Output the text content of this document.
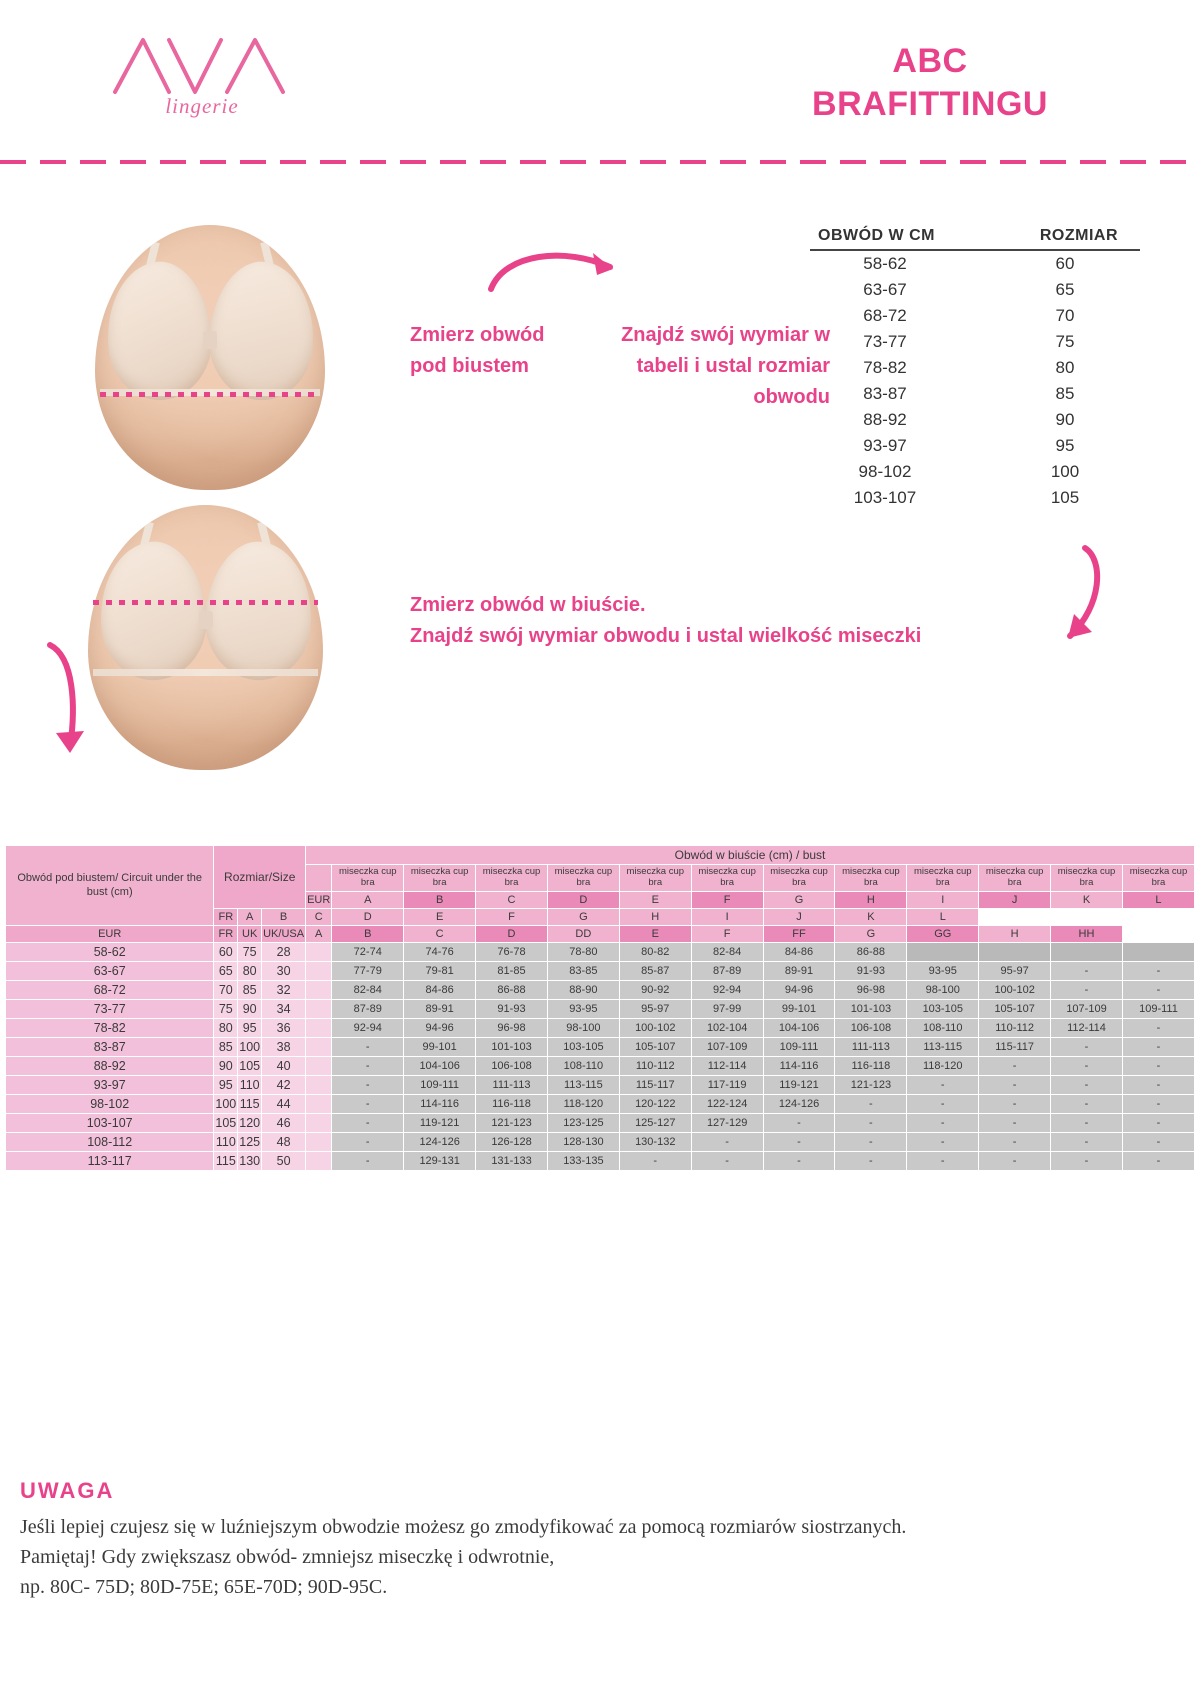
lingerie
ABC
BRAFITTINGU
Zmierz obwód pod biustem
Znajdź swój wymiar w tabeli i ustal rozmiar obwodu
Zmierz obwód w biuście.
Znajdź swój wymiar obwodu i ustal wielkość miseczki
OBWÓD W CM	ROZMIAR
58-62	60
63-67	65
68-72	70
73-77	75
78-82	80
83-87	85
88-92	90
93-97	95
98-102	100
103-107	105
Obwód pod biustem/ Circuit under the bust (cm)	Rozmiar/Size			Obwód w biuście (cm) / bust												
					miseczka cup bra	miseczka cup bra	miseczka cup bra	miseczka cup bra	miseczka cup bra	miseczka cup bra	miseczka cup bra	miseczka cup bra	miseczka cup bra	miseczka cup bra	miseczka cup bra	miseczka cup bra
				EUR	A	B	C	D	E	F	G	H	I	J	K	L
	FR	A	B	C	D	E	F	G	H	I	J	K	L			
EUR	FR	UK	UK/USA	A	B	C	D	DD	E	F	FF	G	GG	H	HH	
58-62	60	75	28		72-74	74-76	76-78	78-80	80-82	82-84	84-86	86-88				
63-67	65	80	30		77-79	79-81	81-85	83-85	85-87	87-89	89-91	91-93	93-95	95-97	-	-
68-72	70	85	32		82-84	84-86	86-88	88-90	90-92	92-94	94-96	96-98	98-100	100-102	-	-
73-77	75	90	34		87-89	89-91	91-93	93-95	95-97	97-99	99-101	101-103	103-105	105-107	107-109	109-111
78-82	80	95	36		92-94	94-96	96-98	98-100	100-102	102-104	104-106	106-108	108-110	110-112	112-114	-
83-87	85	100	38		-	99-101	101-103	103-105	105-107	107-109	109-111	111-113	113-115	115-117	-	-
88-92	90	105	40		-	104-106	106-108	108-110	110-112	112-114	114-116	116-118	118-120	-	-	-
93-97	95	110	42		-	109-111	111-113	113-115	115-117	117-119	119-121	121-123	-	-	-	-
98-102	100	115	44		-	114-116	116-118	118-120	120-122	122-124	124-126	-	-	-	-	-
103-107	105	120	46		-	119-121	121-123	123-125	125-127	127-129	-	-	-	-	-	-
108-112	110	125	48		-	124-126	126-128	128-130	130-132	-	-	-	-	-	-	-
113-117	115	130	50		-	129-131	131-133	133-135	-	-	-	-	-	-	-	-
UWAGA

Jeśli lepiej czujesz się w luźniejszym obwodzie możesz go zmodyfikować za pomocą rozmiarów siostrzanych.

Pamiętaj! Gdy zwiększasz obwód- zmniejsz miseczkę i odwrotnie,

np. 80C- 75D; 80D-75E; 65E-70D; 90D-95C.
